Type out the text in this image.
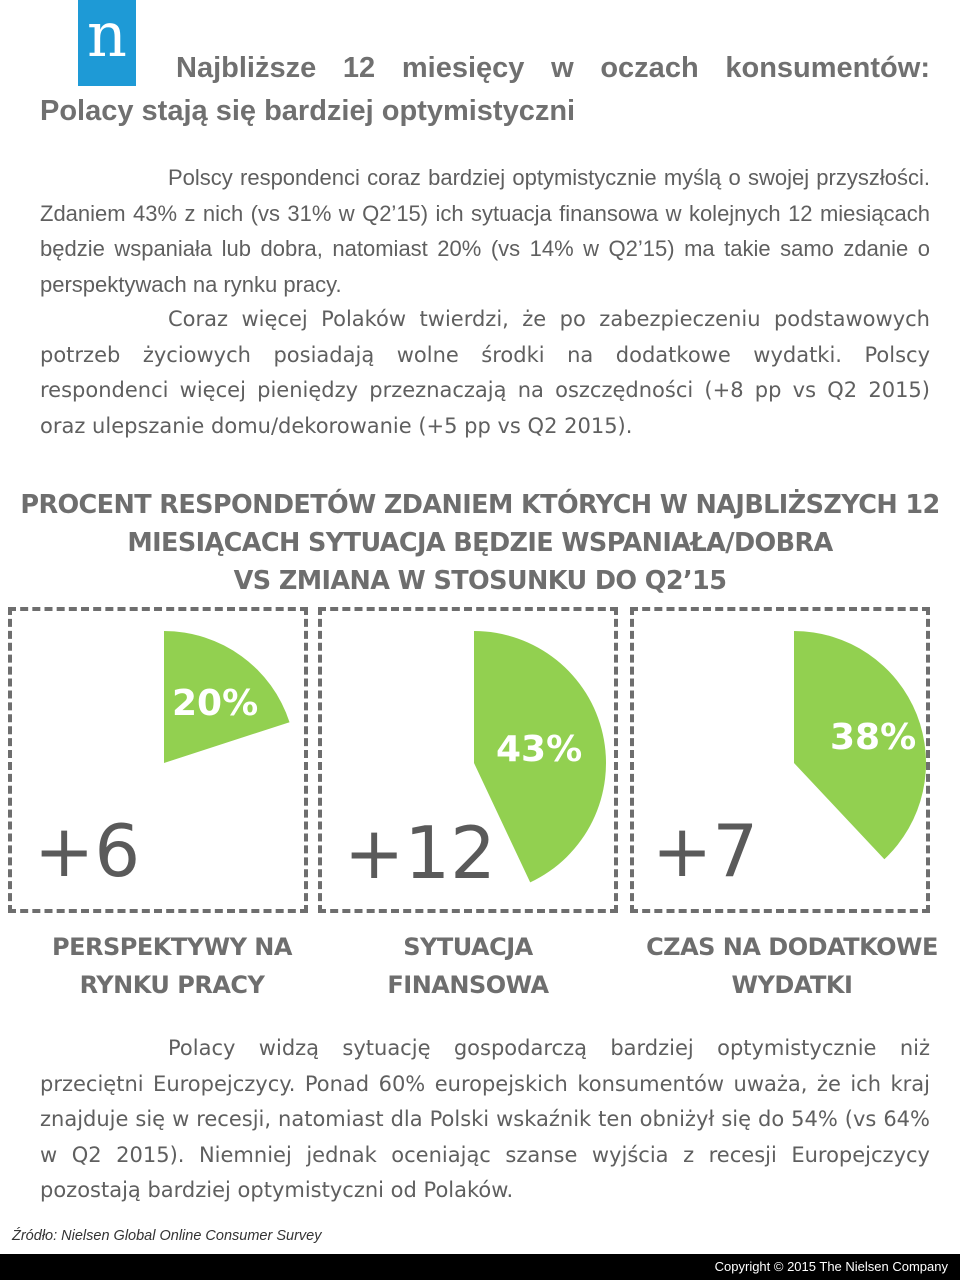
n	Najbliższe 12 miesięcy w oczach konsumentów:
Polacy stają się bardziej optymistyczni

Polscy respondenci coraz bardziej optymistycznie myślą o swojej przyszłości. Zdaniem 43% z nich (vs 31% w Q2’15) ich sytuacja finansowa w kolejnych 12 miesiącach będzie wspaniała lub dobra, natomiast 20% (vs 14% w Q2’15) ma takie samo zdanie o perspektywach na rynku pracy.

Coraz więcej Polaków twierdzi, że po zabezpieczeniu podstawowych potrzeb życiowych posiadają wolne środki na dodatkowe wydatki. Polscy respondenci więcej pieniędzy przeznaczają na oszczędności (+8 pp vs Q2 2015) oraz ulepszanie domu/dekorowanie (+5 pp vs Q2 2015).

PROCENT RESPONDETÓW ZDANIEM KTÓRYCH W NAJBLIŻSZYCH 12
MIESIĄCACH SYTUACJA BĘDZIE WSPANIAŁA/DOBRA
VS ZMIANA W STOSUNKU DO Q2’15
20%
+6
43%
+12
38%
+7
PERSPEKTYWY NA
RYNKU PRACY
SYTUACJA
FINANSOWA
CZAS NA DODATKOWE
WYDATKI

Polacy widzą sytuację gospodarczą bardziej optymistycznie niż przeciętni Europejczycy. Ponad 60% europejskich konsumentów uważa, że ich kraj znajduje się w recesji, natomiast dla Polski wskaźnik ten obniżył się do 54% (vs 64% w Q2 2015). Niemniej jednak oceniając szanse wyjścia z recesji Europejczycy pozostają bardziej optymistyczni od Polaków.

Źródło: Nielsen Global Online Consumer Survey
Copyright © 2015 The Nielsen Company
